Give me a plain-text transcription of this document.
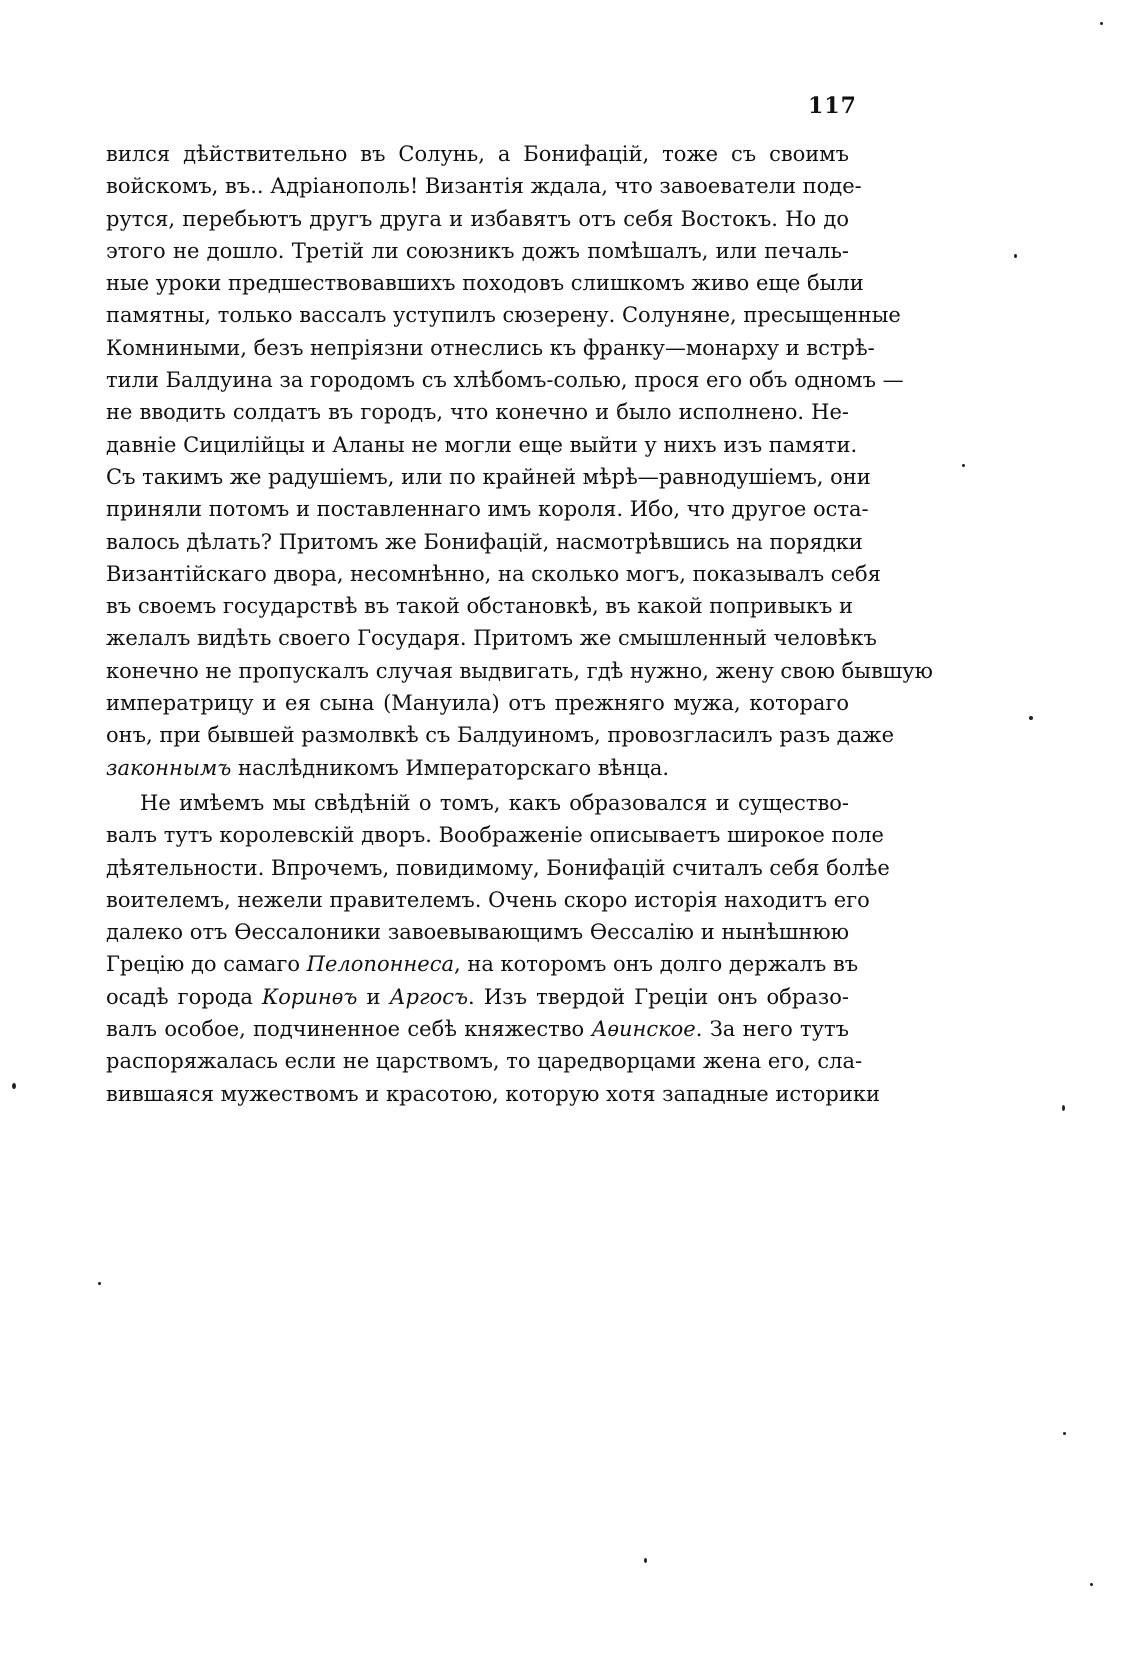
117
вился дѣйствительно въ Солунь, а Бонифацій, тоже съ своимъ
войскомъ, въ.. Адріанополь! Византія ждала, что завоеватели поде-
рутся, перебьютъ другъ друга и избавятъ отъ себя Востокъ. Но до
этого не дошло. Третій ли союзникъ дожъ помѣшалъ, или печаль-
ные уроки предшествовавшихъ походовъ слишкомъ живо еще были
памятны, только вассалъ уступилъ сюзерену. Солуняне, пресыщенные
Комниными, безъ непріязни отнеслись къ франку—монарху и встрѣ-
тили Балдуина за городомъ съ хлѣбомъ-солью, прося его объ одномъ —
не вводить солдатъ въ городъ, что конечно и было исполнено. Не-
давніе Сицилійцы и Аланы не могли еще выйти у нихъ изъ памяти.
Съ такимъ же радушіемъ, или по крайней мѣрѣ—равнодушіемъ, они
приняли потомъ и поставленнаго имъ короля. Ибо, что другое оста-
валось дѣлать? Притомъ же Бонифацій, насмотрѣвшись на порядки
Византійскаго двора, несомнѣнно, на сколько могъ, показывалъ себя
въ своемъ государствѣ въ такой обстановкѣ, въ какой попривыкъ и
желалъ видѣть своего Государя. Притомъ же смышленный человѣкъ
конечно не пропускалъ случая выдвигать, гдѣ нужно, жену свою бывшую
императрицу и ея сына (Мануила) отъ прежняго мужа, котораго
онъ, при бывшей размолвкѣ съ Балдуиномъ, провозгласилъ разъ даже
законнымъ наслѣдникомъ Императорскаго вѣнца.
Не имѣемъ мы свѣдѣній о томъ, какъ образовался и существо-
валъ тутъ королевскій дворъ. Воображеніе описываетъ широкое поле
дѣятельности. Впрочемъ, повидимому, Бонифацій считалъ себя болѣе
воителемъ, нежели правителемъ. Очень скоро исторія находитъ его
далеко отъ Ѳессалоники завоевывающимъ Ѳессалію и нынѣшнюю
Грецію до самаго Пелопоннеса, на которомъ онъ долго держалъ въ
осадѣ города Коринѳъ и Аргосъ. Изъ твердой Греціи онъ образо-
валъ особое, подчиненное себѣ княжество Аѳинское. За него тутъ
распоряжалась если не царствомъ, то царедворцами жена его, сла-
вившаяся мужествомъ и красотою, которую хотя западные историки
